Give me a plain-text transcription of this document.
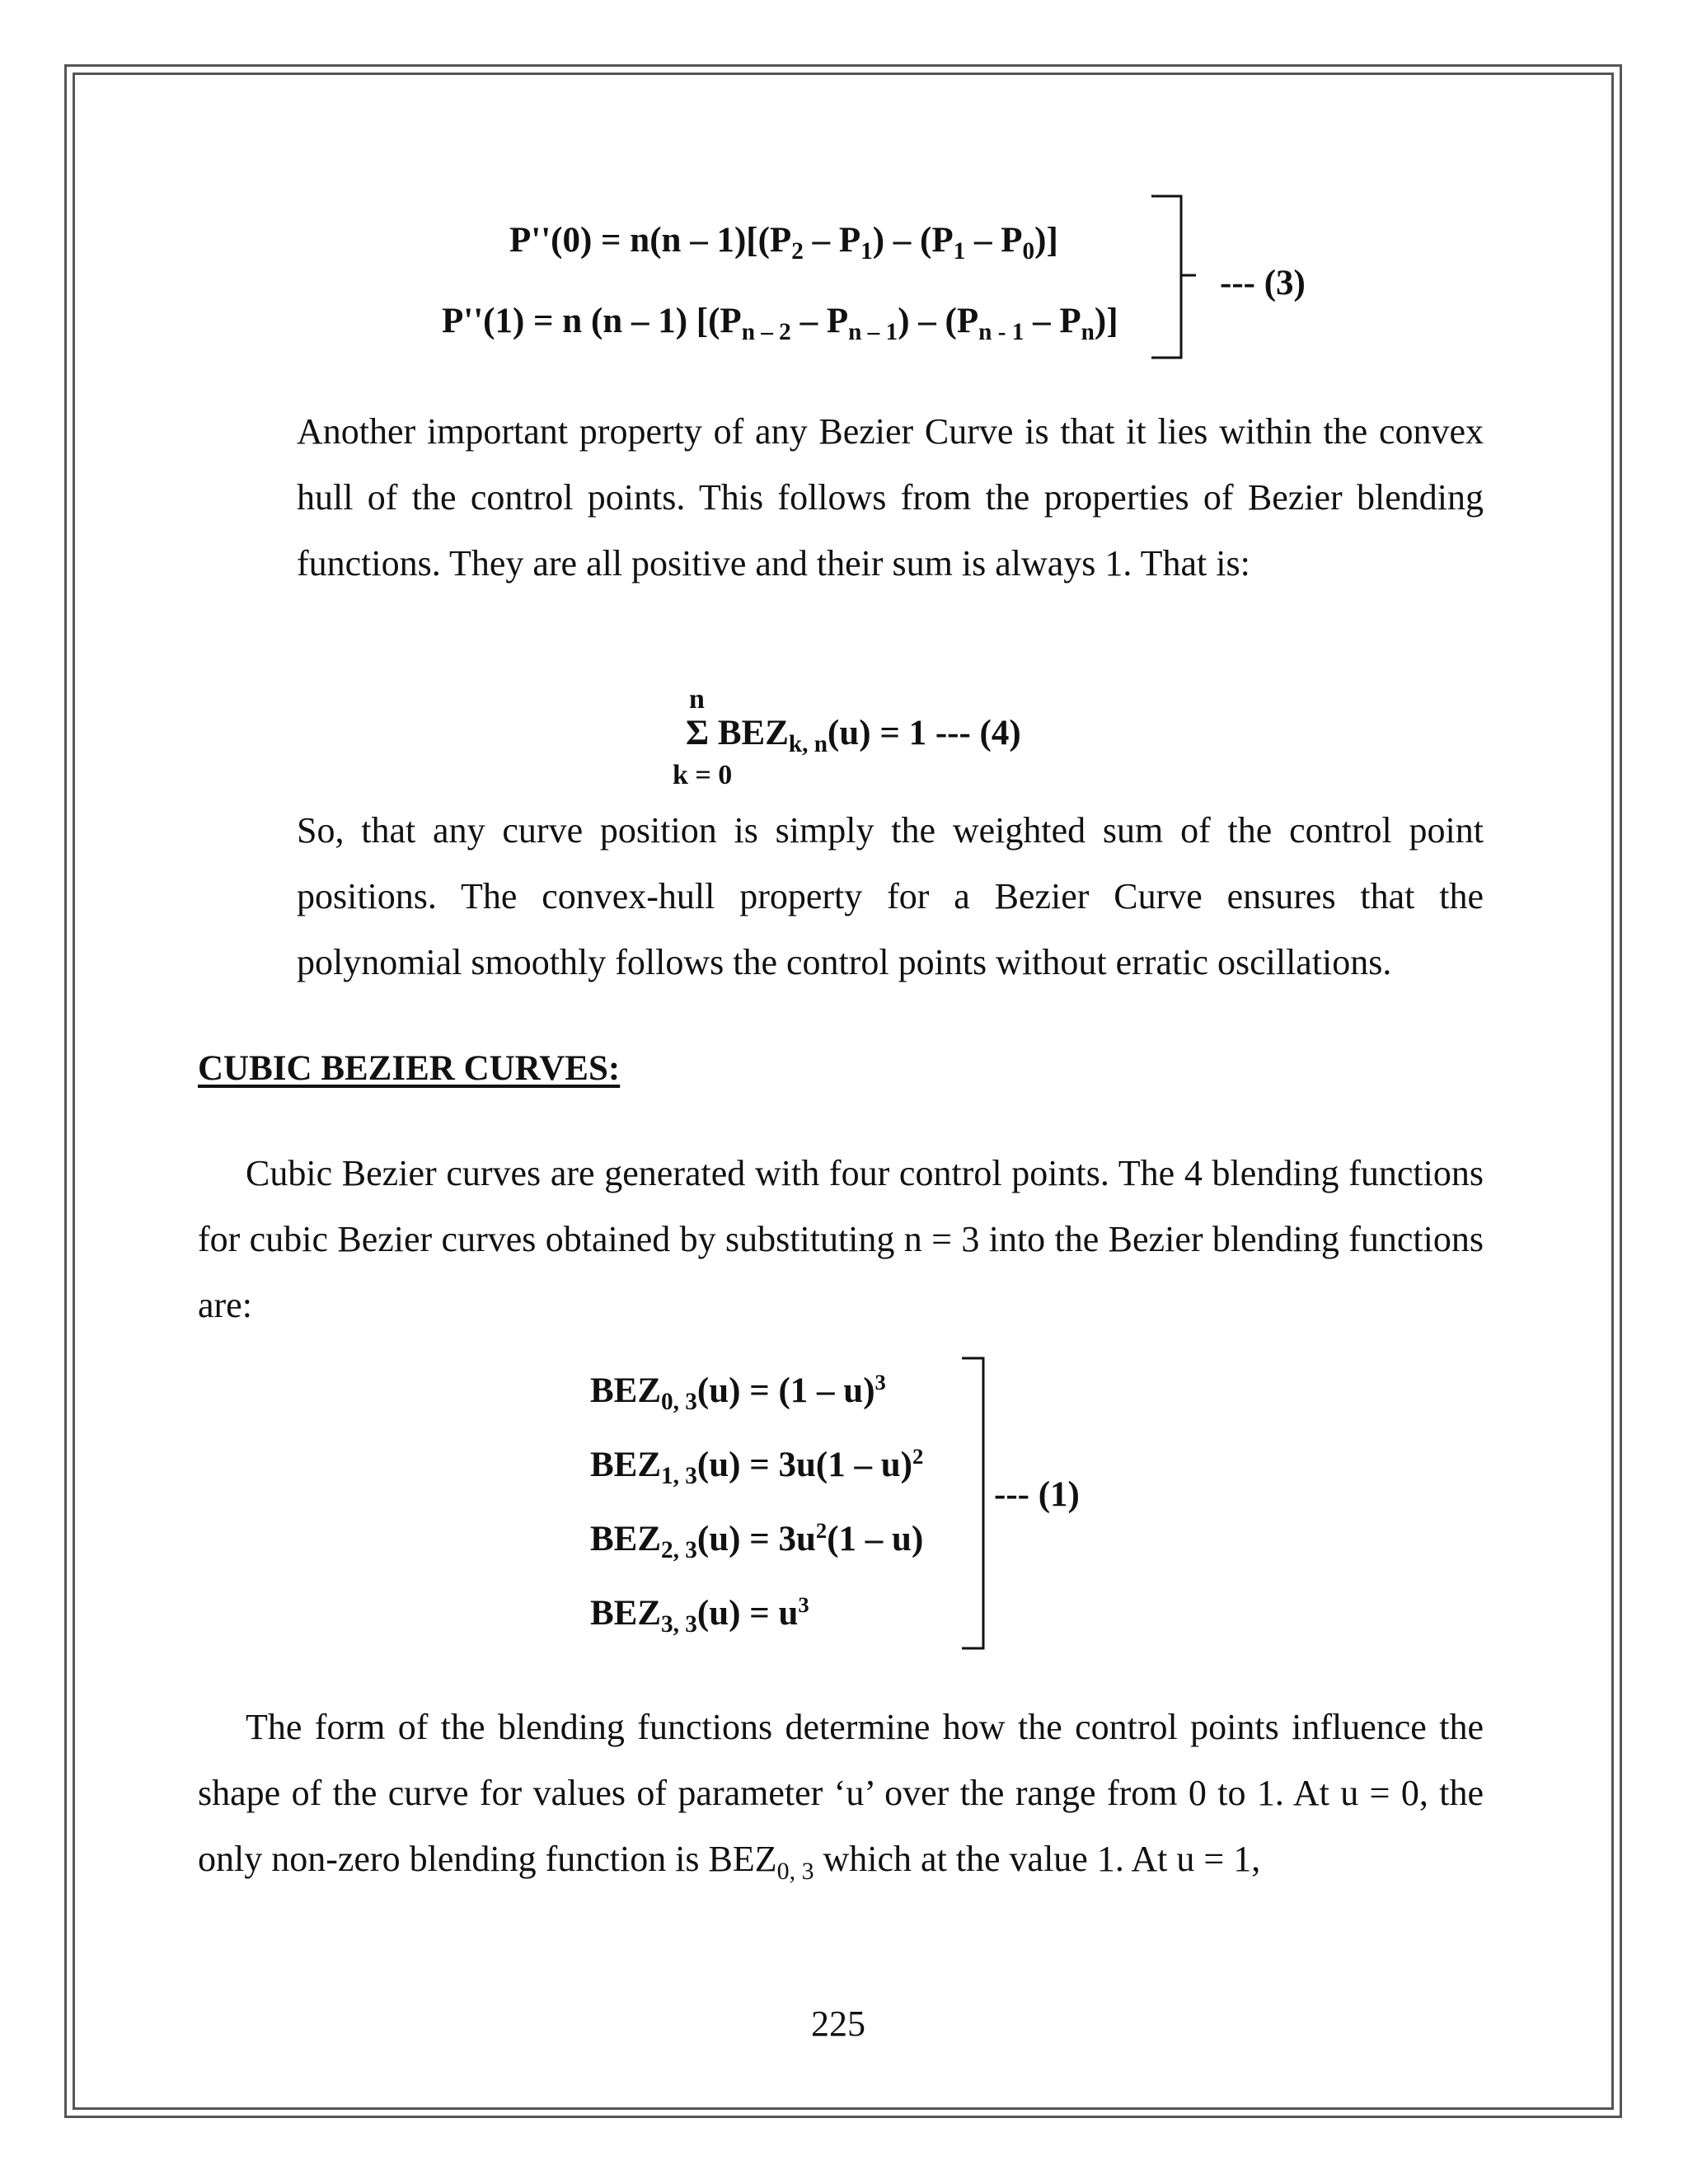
$P''(0) = n(n - 1)[(P_2 - P_1) - (P_1 - P_0)]$
P''(1) = n (n – 1) $[(P_{n - 2} - P_{n - 1}) - (P_{n - 1} - P_n)]$
--- (3)
Another important property of any Bezier Curve is that it lies within the convex hull of the control points. This follows from the properties of Bezier blending functions. They are all positive and their sum is always 1. That is:
n
Σ $BEZ_{k, n}(u) = 1$ --- (4)
k = 0
So, that any curve position is simply the weighted sum of the control point positions. The convex-hull property for a Bezier Curve ensures that the polynomial smoothly follows the control points without erratic oscillations.
CUBIC BEZIER CURVES:
Cubic Bezier curves are generated with four control points. The 4 blending functions for cubic Bezier curves obtained by substituting n = 3 into the Bezier blending functions are:
$BEZ_{0, 3}(u) = (1 - u)^3$
$BEZ_{1, 3}(u) = 3u(1 - u)^2$
$BEZ_{2, 3}(u) = 3u^2(1 - u)$
$BEZ_{3, 3}(u) = u^3$
--- (1)
The form of the blending functions determine how the control points influence the shape of the curve for values of parameter ‘u’ over the range from 0 to 1. At u = 0, the only non-zero blending function is $BEZ_{0, 3}$ which at the value 1. At u = 1,
225
